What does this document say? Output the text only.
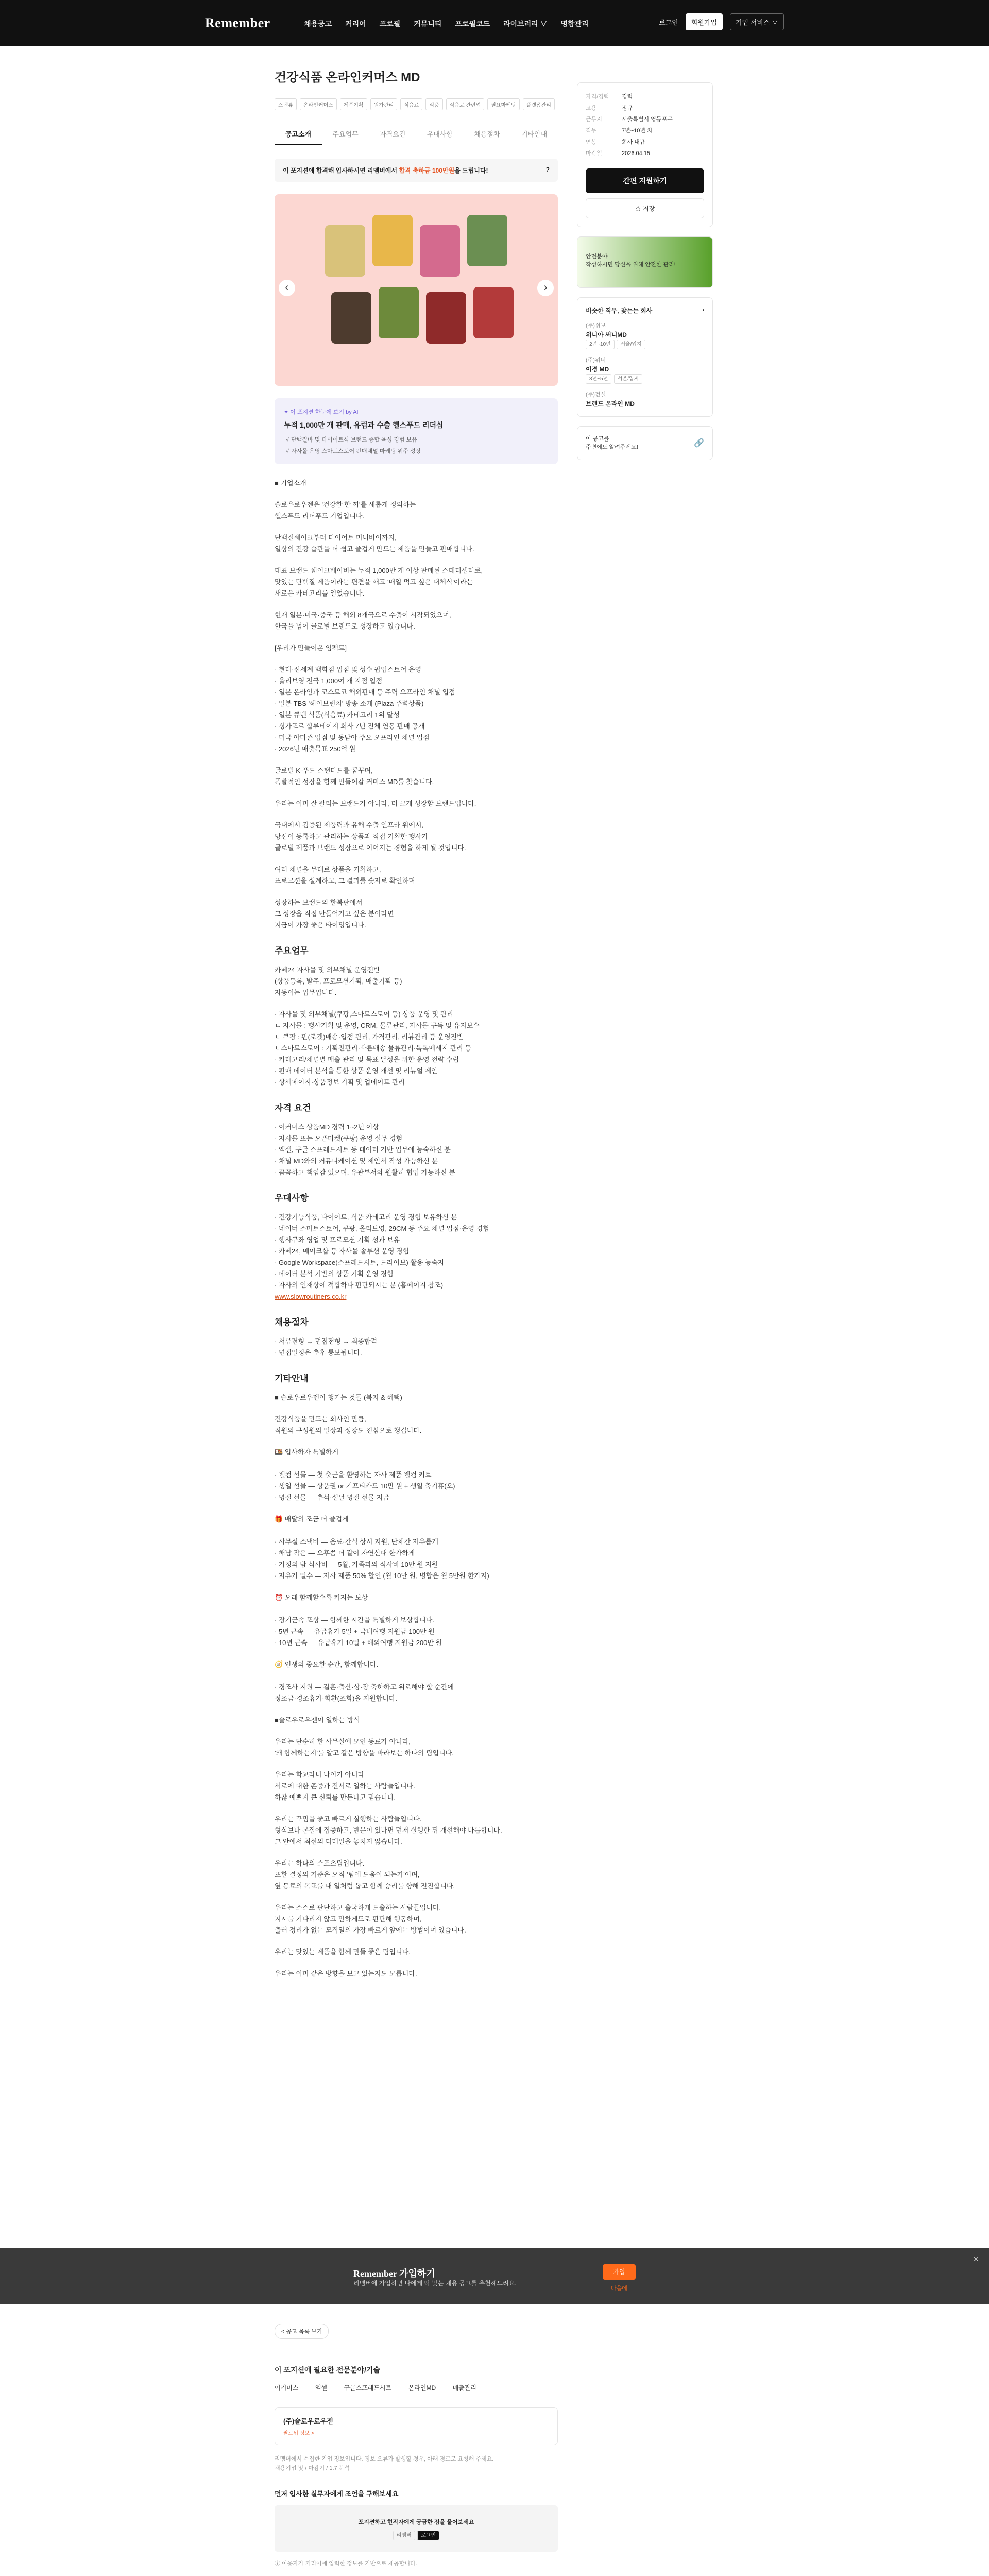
Remember	채용공고 커리어 프로필 커뮤니티 프로필코드 라이브러리 ∨ 명함관리	로그인	회원가입	기업 서비스 ∨
건강식품 온라인커머스 MD
스낵류	온라인커머스	제품기획	원가관리	식음료	식품	식음료 관련업	필요마케팅	플랫폼관리
공고소개	주요업무	자격요건	우대사항	채용절차	기타안내
이 포지션에 합격해 입사하시면 리멤버에서 합격 축하금 100만원을 드립니다!	?
‹	›
✦ 이 포지션 한눈에 보기 by AI
누적 1,000만 개 판매, 유럽과 수출 헬스푸드 리더십
✓ 단백질바 및 다이어트식 브랜드 종합 육성 경험 보유
✓ 자사몰 운영 스마트스토어 판매채널 마케팅 위주 성장

■ 기업소개

슬로우로우젠은 '건강한 한 끼'를 새롭게 정의하는
헬스푸드 리더푸드 기업입니다.

단백질쉐이크부터 다이어트 미니바이까지,
일상의 건강 습관을 더 쉽고 즐겁게 만드는 제품을 만들고 판매합니다.

대표 브랜드 쉐이크베이비는 누적 1,000만 개 이상 판매된 스테디셀러로,
맛있는 단백질 제품이라는 편견을 깨고 '매일 먹고 싶은 대체식'이라는
새로운 카테고리를 열었습니다.

현재 일본·미국·중국 등 해외 8개국으로 수출이 시작되었으며,
한국을 넘어 글로벌 브랜드로 성장하고 있습니다.

[우리가 만들어온 임팩트]

· 현대·신세계 백화점 입점 및 성수 팝업스토어 운영
· 올리브영 전국 1,000여 개 지점 입점
· 일본 온라인과 코스트코 해외판매 등 주력 오프라인 채널 입점
· 일본 TBS '헤이브런치' 방송 소개 (Plaza 주력상품)
· 일본 큐텐 식품(식음료) 카테고리 1위 달성
· 싱가포르 합류테이지 회사 7년 전체 연동 판매 공개
· 미국 아마존 입점 및 동남아 주요 오프라인 채널 입점
· 2026년 매출목표 250억 원

글로벌 K-푸드 스탠다드를 꿈꾸며,
폭발적인 성장을 함께 만들어갈 커머스 MD를 찾습니다.

우리는 이미 잘 팔리는 브랜드가 아니라, 더 크게 성장할 브랜드입니다.

국내에서 검증된 제품력과 유해 수출 인프라 위에서,
당신이 등록하고 관리하는 상품과 직접 기획한 행사가
글로벌 제품과 브랜드 성장으로 이어지는 경험을 하게 될 것입니다.

여러 채널을 무대로 상품을 기획하고,
프로모션을 설계하고, 그 결과를 숫자로 확인하며

성장하는 브랜드의 한복판에서
그 성장을 직접 만들어가고 싶은 분이라면
지금이 가장 좋은 타이밍입니다.

주요업무

카페24 자사몰 및 외부채널 운영전반
(상품등록, 발주, 프로모션기획, 매출기획 등)
자동이는 업무입니다.

· 자사몰 및 외부채널(쿠팡,스마트스토어 등) 상품 운영 및 관리
ㄴ 자사몰 : 행사기획 및 운영, CRM, 물류관리, 자사몰 구독 및 유지보수
ㄴ 쿠팡 : 판(로켓)배송·입점 관리, 가격관리, 리뷰관리 등 운영전반
ㄴ스마트스토어 : 기획전관리·빠른배송 물류관리·톡톡메세지 관리 등
· 카테고리/채널별 매출 관리 및 목표 달성을 위한 운영 전략 수립
· 판매 데이터 분석을 통한 상품 운영 개선 및 리뉴얼 제안
· 상세페이지·상품정보 기획 및 업데이트 관리

자격 요건

· 이커머스 상품MD 경력 1~2년 이상
· 자사몰 또는 오픈마켓(쿠팡) 운영 실무 경험
· 엑셀, 구글 스프레드시트 등 데이터 기반 업무에 능숙하신 분
· 채널 MD와의 커뮤니케이션 및 제안서 작성 가능하신 분
· 꼼꼼하고 책임감 있으며, 유관부서와 원활히 협업 가능하신 분

우대사항

· 건강기능식품, 다이어트, 식품 카테고리 운영 경험 보유하신 분
· 네이버 스마트스토어, 쿠팡, 올리브영, 29CM 등 주요 채널 입점·운영 경험
· 행사구좌 영업 및 프로모션 기획 성과 보유
· 카페24, 메이크샵 등 자사몰 솔루션 운영 경험
· Google Workspace(스프레드시트, 드라이브) 활용 능숙자
· 데이터 분석 기반의 상품 기획 운영 경험
· 자사의 인재상에 적합하다 판단되시는 분 (홈페이지 참조)

www.slowroutiners.co.kr

채용절차

· 서류전형 → 면접전형 → 최종합격
· 면접일정은 추후 통보됩니다.

기타안내

■ 슬로우로우젠이 챙기는 것들 (복지 & 혜택)

건강식품을 만드는 회사인 만큼,
직원의 구성원의 일상과 성장도 진심으로 챙깁니다.

🍱 입사하자 특별하게

· 웰컴 선물 — 첫 출근을 환영하는 자사 제품 웰컴 키트
· 생일 선물 — 상품권 or 기프티카드 10만 원 + 생일 축기휴(오)
· 명절 선물 — 추석·설날 명절 선물 지급

🎁 배달의 조금 더 즐겁게

· 사무실 스낵바 — 음료·간식 상시 지원, 단체간 자유롭게
· 해남 작은 — 오후쯤 더 같이 자연산대 한가하게
· 가정의 밤 식사비 — 5월, 가족과의 식사비 10만 원 지원
· 자유가 일수 — 자사 제품 50% 할인 (월 10만 원, 병합은 월 5만원 한가지)

⏰ 오래 함께할수록 커지는 보상

· 장기근속 포상 — 함께한 시간을 특별하게 보상합니다.
· 5년 근속 — 유급휴가 5일 + 국내여행 지원금 100만 원
· 10년 근속 — 유급휴가 10일 + 해외여행 지원금 200만 원

🧭 인생의 중요한 순간, 함께합니다.

· 경조사 지원 — 결혼·출산·상·장 축하하고 위로해야 할 순간에
정조금·경조휴가·화환(조화)을 지원합니다.

■슬로우로우젠이 일하는 방식

우리는 단순히 한 사무실에 모인 동료가 아니라,
'왜 함께하는지'를 알고 같은 방향을 바라보는 하나의 팀입니다.

우리는 학교라니 나이가 아니라
서로에 대한 존중과 진서로 일하는 사람들입니다.
하찮 예쁘지 큰 신뢰를 만든다고 믿습니다.

우리는 꾸밈을 좋고 빠르게 실행하는 사람들입니다.
형식보다 본질에 집중하고, 반문이 있다면 먼저 실행한 뒤 개선해야 다릅합니다.
그 안에서 최선의 디테일을 놓치지 않습니다.

우리는 하나의 스포츠팀입니다.
또한 결정의 기준은 오직 '팀에 도움이 되는가'이며,
옆 동료의 목표를 내 일처럼 돕고 함께 승리를 향해 전진합니다.

우리는 스스로 판단하고 출국하게 도출하는 사람들입니다.
지시를 기다리지 않고 만하게드로 판단해 행동하며,
출러 정리가 없는 모직일의 가장 빠르게 앞에는 방법이며 있습니다.

우리는 맛있는 제품을 함께 만들 좋은 팀입니다.

우리는 이미 같은 방향을 보고 있는지도 모릅니다.

자격/경력	경력
고용	정규
근무지	서울특별시 영등포구
직무	7년~10년 차
연봉	회사 내규
마감일	2026.04.15
간편 지원하기
☆ 저장
안전분야
작성하시면 당신을 위해 안전한 관리!
비슷한 직무, 찾는는 회사	›
(주)쉬보
위니아 써니MD
2년~10년 서울/입지
(주)위너
이경 MD
3년~5년 서울/입지
(주)건설
브랜드 온라인 MD
이 공고를
주변에도 알려주세요!	🔗
Remember 가입하기
리멤버에 가입하면 나에게 딱 맞는 채용 공고를 추천해드려요.
가입
다음에
×
< 공고 목록 보기
이 포지션에 필요한 전문분야/기술
이커머스	엑셀	구글스프레드시트	온라인MD	매출관리
(주)슬로우로우젠
팔로워 정보 >
리멤버에서 수집한 기업 정보입니다. 정보 오류가 발생할 경우, 아래 경로로 요청해 주세요.
채용기업 및 / 마감기 / 1.7 분석
먼저 입사한 실무자에게 조언을 구해보세요
포지션하고 현직자에게 궁금한 점을 물어보세요
리멤버 로그인
ⓘ 이용자가 커리어에 입력한 정보를 기반으로 제공합니다.
